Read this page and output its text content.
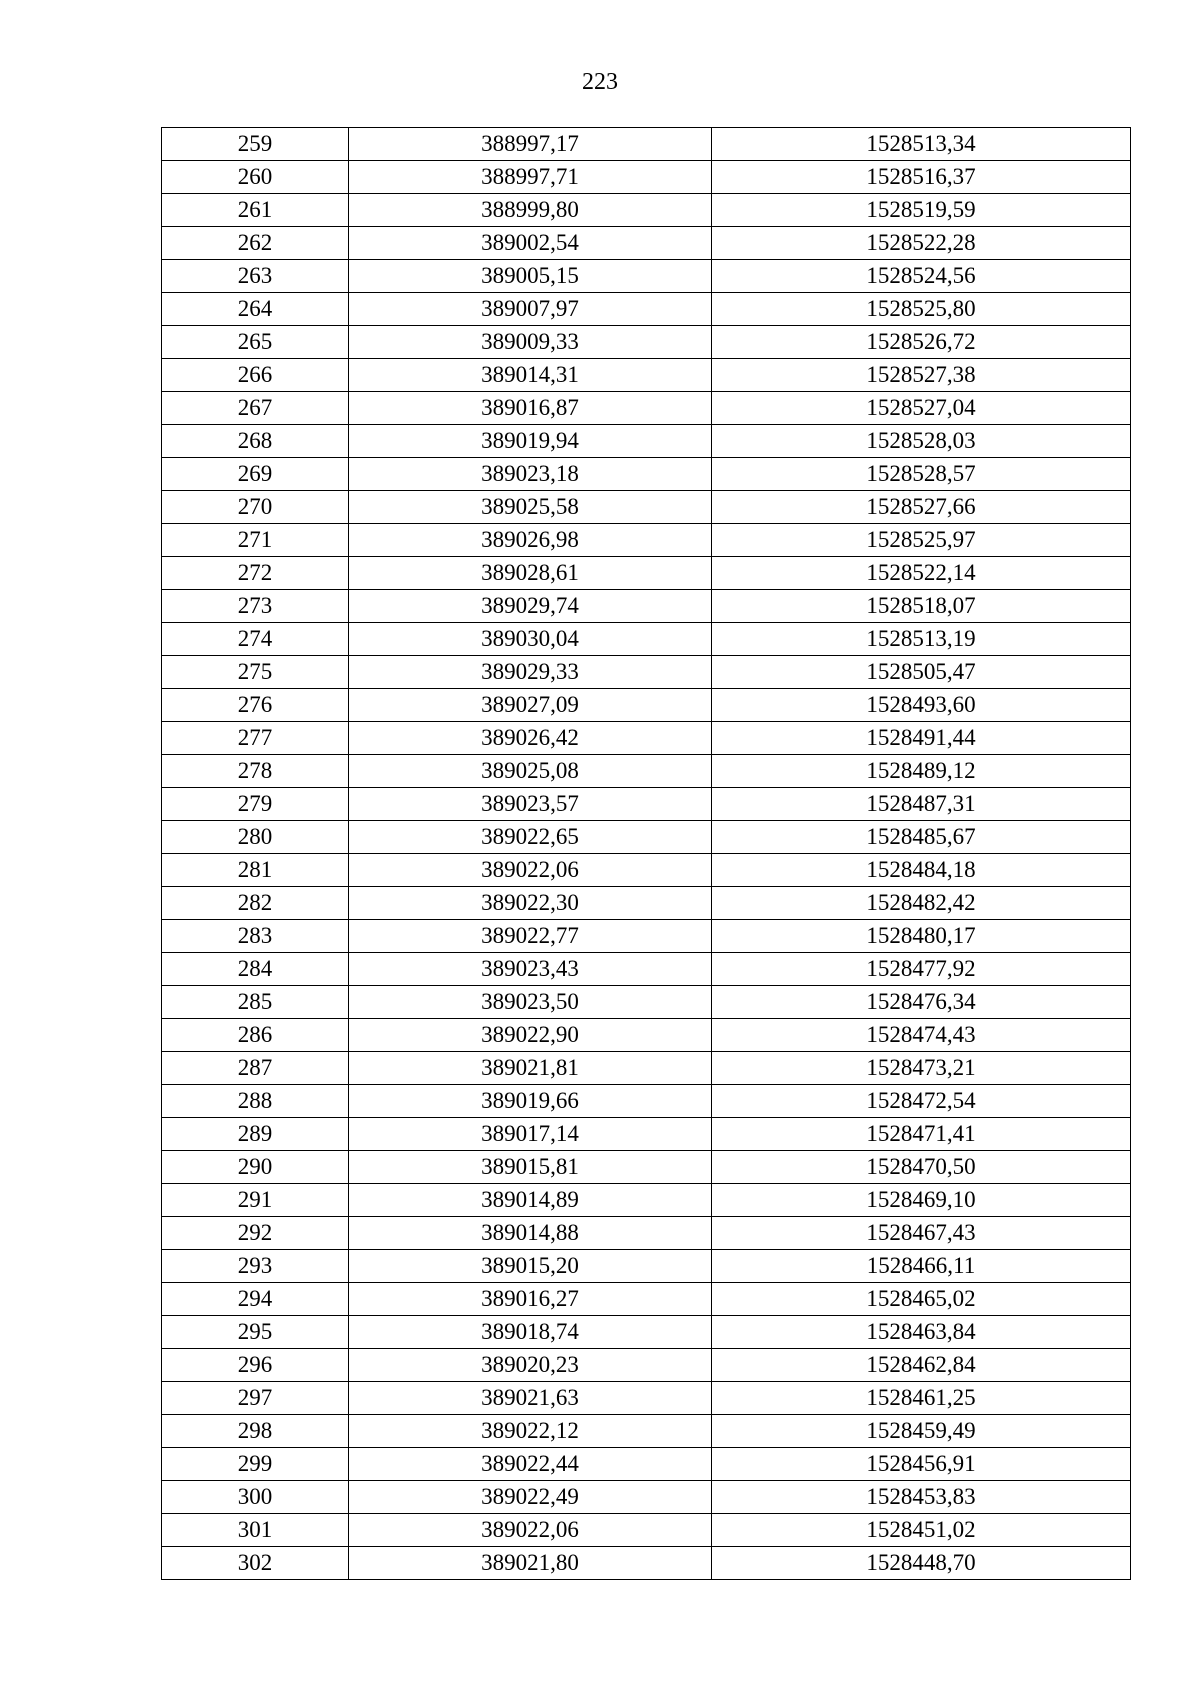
223
259	388997,17	1528513,34
260	388997,71	1528516,37
261	388999,80	1528519,59
262	389002,54	1528522,28
263	389005,15	1528524,56
264	389007,97	1528525,80
265	389009,33	1528526,72
266	389014,31	1528527,38
267	389016,87	1528527,04
268	389019,94	1528528,03
269	389023,18	1528528,57
270	389025,58	1528527,66
271	389026,98	1528525,97
272	389028,61	1528522,14
273	389029,74	1528518,07
274	389030,04	1528513,19
275	389029,33	1528505,47
276	389027,09	1528493,60
277	389026,42	1528491,44
278	389025,08	1528489,12
279	389023,57	1528487,31
280	389022,65	1528485,67
281	389022,06	1528484,18
282	389022,30	1528482,42
283	389022,77	1528480,17
284	389023,43	1528477,92
285	389023,50	1528476,34
286	389022,90	1528474,43
287	389021,81	1528473,21
288	389019,66	1528472,54
289	389017,14	1528471,41
290	389015,81	1528470,50
291	389014,89	1528469,10
292	389014,88	1528467,43
293	389015,20	1528466,11
294	389016,27	1528465,02
295	389018,74	1528463,84
296	389020,23	1528462,84
297	389021,63	1528461,25
298	389022,12	1528459,49
299	389022,44	1528456,91
300	389022,49	1528453,83
301	389022,06	1528451,02
302	389021,80	1528448,70
